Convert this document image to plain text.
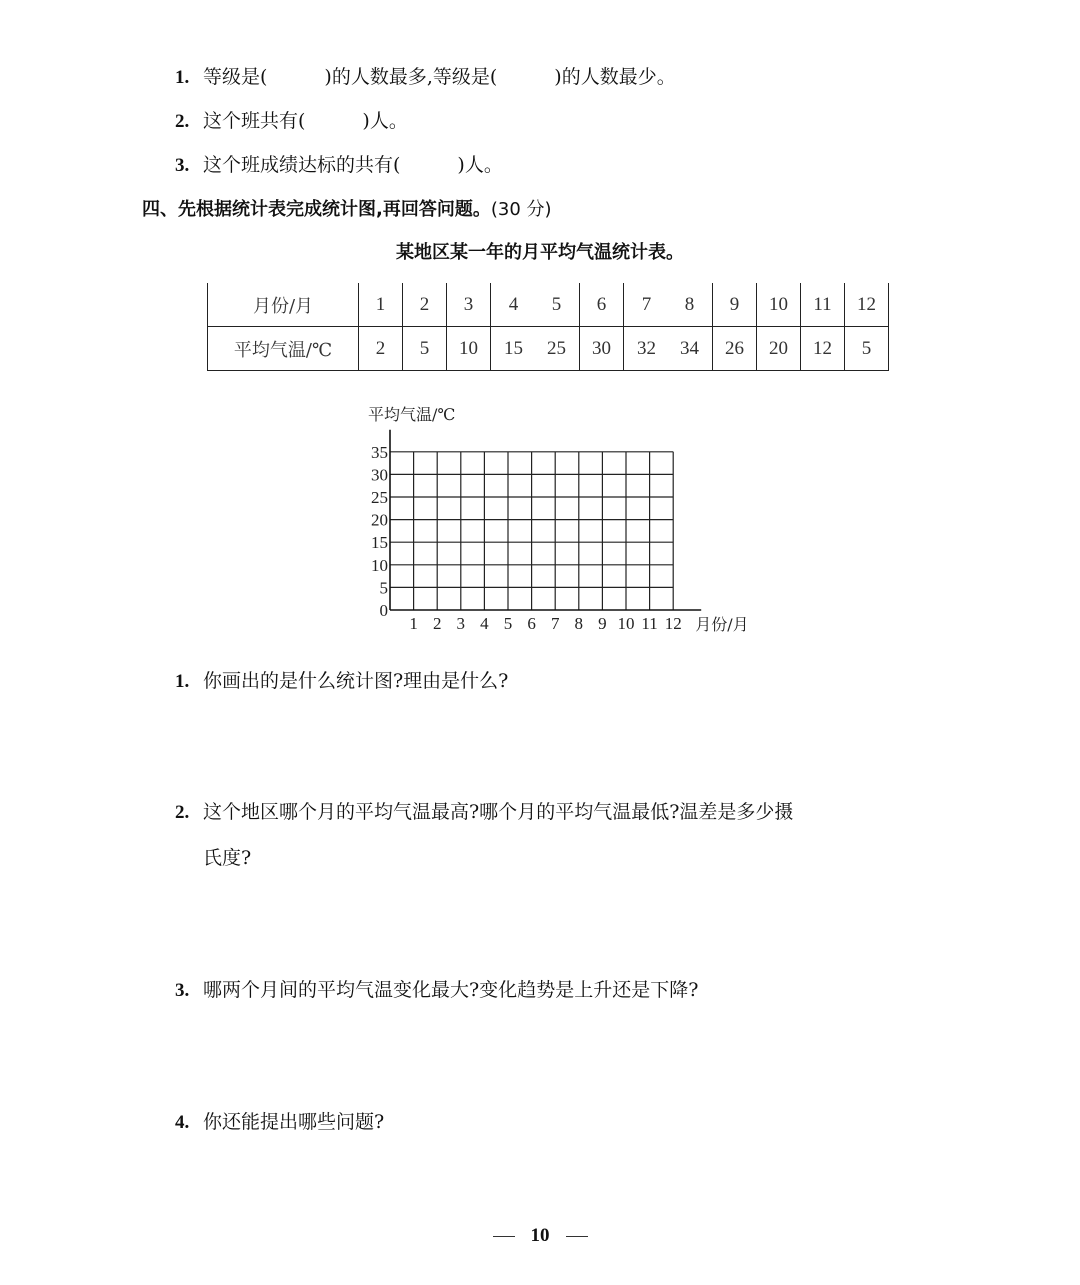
1. 等级是(　　　)的人数最多,等级是(　　　)的人数最少。
2. 这个班共有(　　　)人。
3. 这个班成绩达标的共有(　　　)人。
四、先根据统计表完成统计图,再回答问题。(30 分)
某地区某一年的月平均气温统计表。
月份/月	1	2	3	4 5	6	7 8	9	10	11	12
平均气温/℃	2	5	10	15 25	30	32 34	26	20	12	5
0
5
10
15
20
25
30
35
1 2 3 4 5 6 7 8 9 10 11 12
平均气温/℃
月份/月
1. 你画出的是什么统计图?理由是什么?
2. 这个地区哪个月的平均气温最高?哪个月的平均气温最低?温差是多少摄
氏度?
3. 哪两个月间的平均气温变化最大?变化趋势是上升还是下降?
4. 你还能提出哪些问题?
10
